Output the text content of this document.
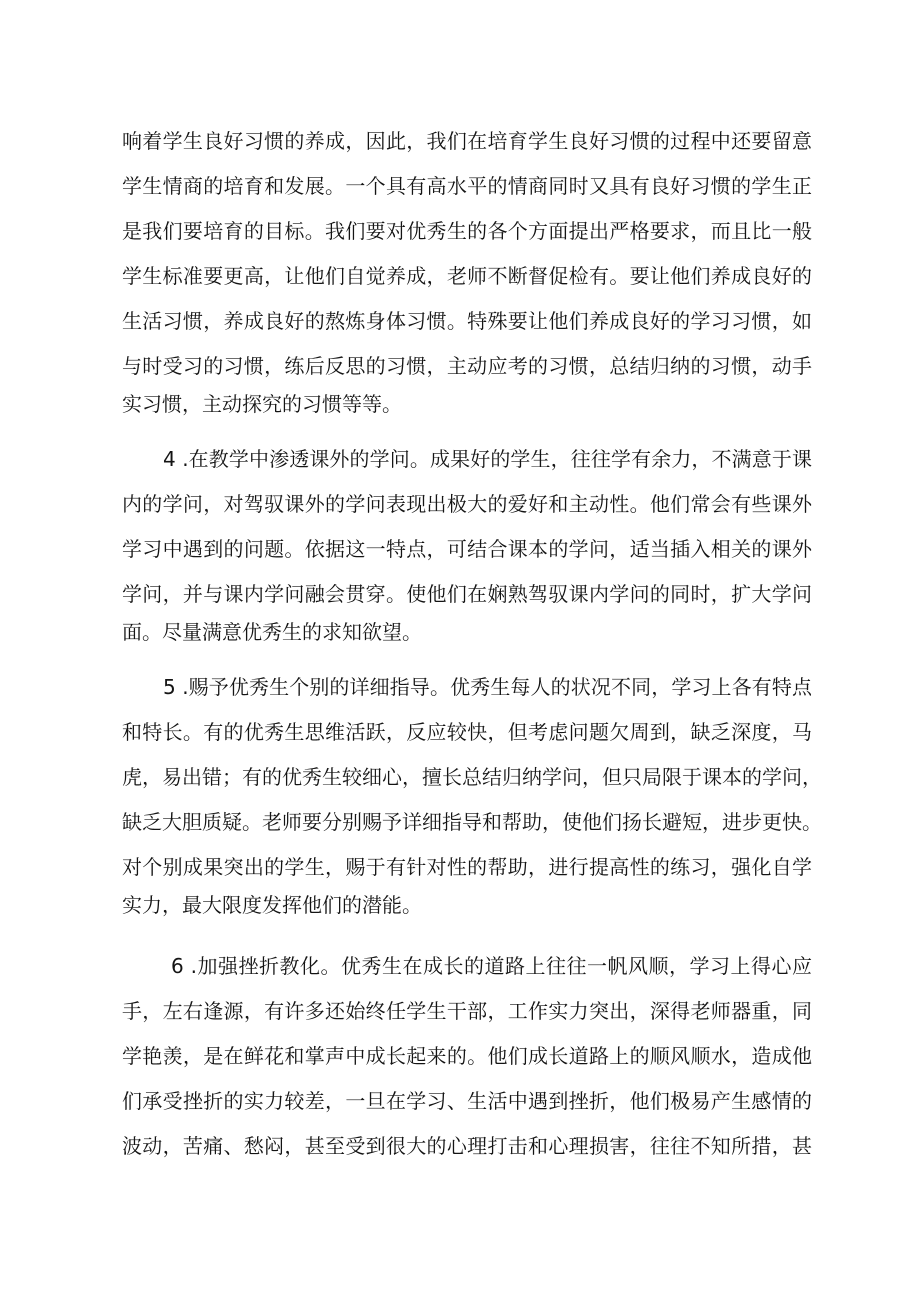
响着学生良好习惯的养成，因此，我们在培育学生良好习惯的过程中还要留意
学生情商的培育和发展。一个具有高水平的情商同时又具有良好习惯的学生正
是我们要培育的目标。我们要对优秀生的各个方面提出严格要求，而且比一般
学生标准要更高，让他们自觉养成，老师不断督促检有。要让他们养成良好的
生活习惯，养成良好的熬炼身体习惯。特殊要让他们养成良好的学习习惯，如
与时受习的习惯，练后反思的习惯，主动应考的习惯，总结归纳的习惯，动手
实习惯，主动探究的习惯等等。
4 .在教学中渗透课外的学问。成果好的学生，往往学有余力，不满意于课
内的学问，对驾驭课外的学问表现出极大的爱好和主动性。他们常会有些课外
学习中遇到的问题。依据这一特点，可结合课本的学问，适当插入相关的课外
学问，并与课内学问融会贯穿。使他们在娴熟驾驭课内学问的同时，扩大学问
面。尽量满意优秀生的求知欲望。
5 .赐予优秀生个别的详细指导。优秀生每人的状况不同，学习上各有特点
和特长。有的优秀生思维活跃，反应较快，但考虑问题欠周到，缺乏深度，马
虎，易出错；有的优秀生较细心，擅长总结归纳学问，但只局限于课本的学问，
缺乏大胆质疑。老师要分别赐予详细指导和帮助，使他们扬长避短，进步更快。
对个别成果突出的学生，赐于有针对性的帮助，进行提高性的练习，强化自学
实力，最大限度发挥他们的潜能。
6 .加强挫折教化。优秀生在成长的道路上往往一帆风顺，学习上得心应
手，左右逢源，有许多还始终任学生干部，工作实力突出，深得老师器重，同
学艳羡，是在鲜花和掌声中成长起来的。他们成长道路上的顺风顺水，造成他
们承受挫折的实力较差，一旦在学习、生活中遇到挫折，他们极易产生感情的
波动，苦痛、愁闷，甚至受到很大的心理打击和心理损害，往往不知所措，甚
